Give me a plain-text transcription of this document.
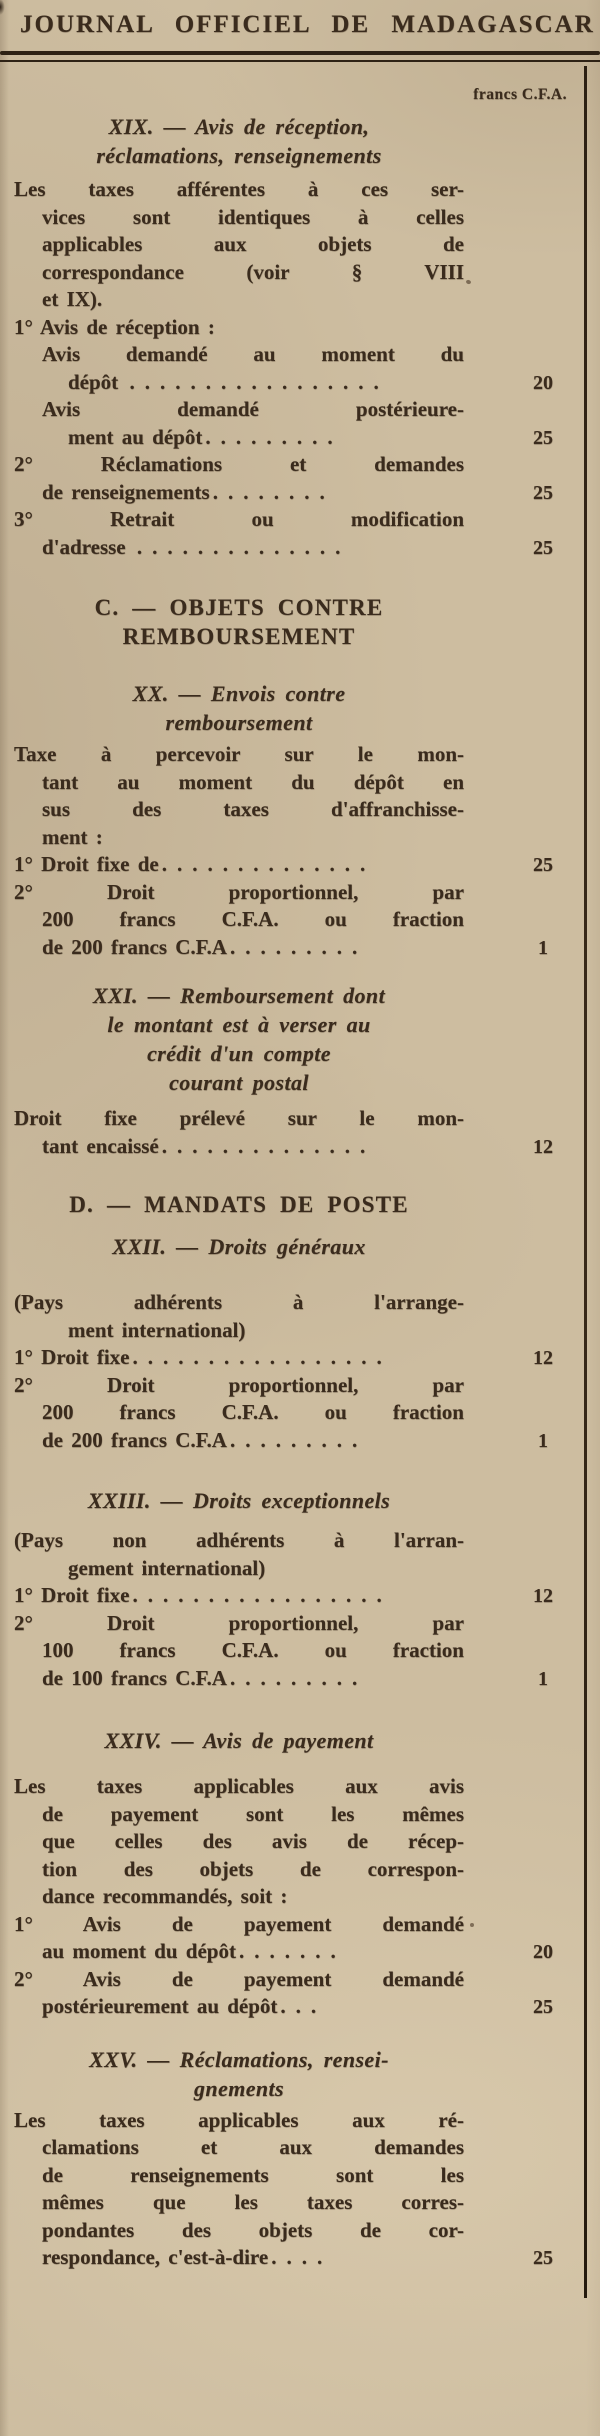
JOURNAL OFFICIEL DE MADAGASCAR
francs C.F.A.
XIX. — Avis de réception,
réclamations, renseignements
Les taxes afférentes à ces ser-
vices sont identiques à celles
applicables aux objets de
correspondance (voir § VIII
et IX).
1° Avis de réception :
Avis demandé au moment du
dépôt .................	20
Avis demandé postérieure-
ment au dépôt .........	25
2° Réclamations et demandes
de renseignements ........	25
3° Retrait ou modification
d'adresse ..............	25
C. — OBJETS CONTRE
REMBOURSEMENT
XX. — Envois contre
remboursement
Taxe à percevoir sur le mon-
tant au moment du dépôt en
sus des taxes d'affranchisse-
ment :
1° Droit fixe de ..............	25
2° Droit proportionnel, par
200 francs C.F.A. ou fraction
de 200 francs C.F.A .........	1
XXI. — Remboursement dont
le montant est à verser au
crédit d'un compte
courant postal
Droit fixe prélevé sur le mon-
tant encaissé ..............	12
D. — MANDATS DE POSTE
XXII. — Droits généraux
(Pays adhérents à l'arrange-
ment international)
1° Droit fixe .................	12
2° Droit proportionnel, par
200 francs C.F.A. ou fraction
de 200 francs C.F.A .........	1
XXIII. — Droits exceptionnels
(Pays non adhérents à l'arran-
gement international)
1° Droit fixe .................	12
2° Droit proportionnel, par
100 francs C.F.A. ou fraction
de 100 francs C.F.A .........	1
XXIV. — Avis de payement
Les taxes applicables aux avis
de payement sont les mêmes
que celles des avis de récep-
tion des objets de correspon-
dance recommandés, soit :
1° Avis de payement demandé
au moment du dépôt .......	20
2° Avis de payement demandé
postérieurement au dépôt ...	25
XXV. — Réclamations, rensei-
gnements
Les taxes applicables aux ré-
clamations et aux demandes
de renseignements sont les
mêmes que les taxes corres-
pondantes des objets de cor-
respondance, c'est-à-dire ....	25
